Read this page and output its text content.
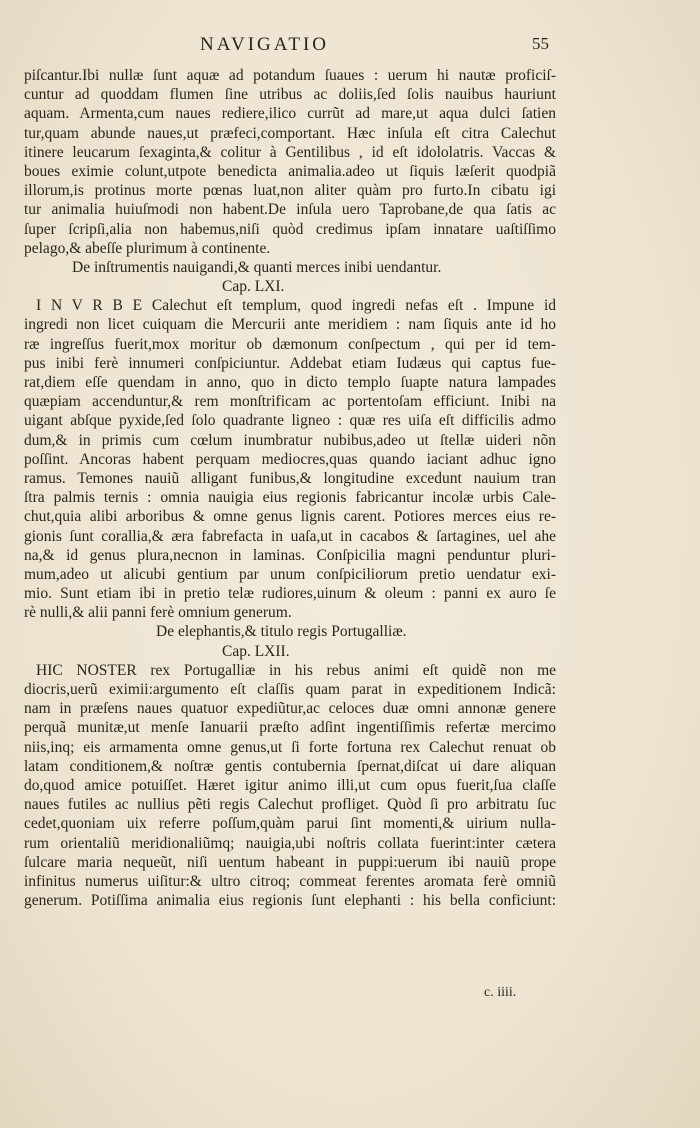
NAVIGATIO	55
piſcantur.Ibi nullæ ſunt aquæ ad potandum ſuaues : uerum hi nautæ proficiſ-
cuntur ad quoddam flumen ſine utribus ac doliis,ſed ſolis nauibus hauriunt
aquam. Armenta,cum naues rediere,ilico currũt ad mare,ut aqua dulci ſatien
tur,quam abunde naues,ut præfeci,comportant. Hæc inſula eſt citra Calechut
itinere leucarum ſexaginta,& colitur à Gentilibus , id eſt idololatris. Vaccas &
boues eximie colunt,utpote benedicta animalia.adeo ut ſiquis læſerit quodpiã
illorum,is protinus morte pœnas luat,non aliter quàm pro furto.In cibatu igi
tur animalia huiuſmodi non habent.De inſula uero Taprobane,de qua ſatis ac
ſuper ſcripſi,alia non habemus,niſi quòd credimus ipſam innatare uaſtiſſimo
pelago,& abeſſe plurimum à continente.
De inſtrumentis nauigandi,& quanti merces inibi uendantur.
Cap. LXI.
I N V R B E Calechut eſt templum, quod ingredi nefas eſt . Impune id
ingredi non licet cuiquam die Mercurii ante meridiem : nam ſiquis ante id ho
ræ ingreſſus fuerit,mox moritur ob dæmonum conſpectum , qui per id tem-
pus inibi ferè innumeri conſpiciuntur. Addebat etiam Iudæus qui captus fue-
rat,diem eſſe quendam in anno, quo in dicto templo ſuapte natura lampades
quæpiam accenduntur,& rem monſtrificam ac portentoſam efficiunt. Inibi na
uigant abſque pyxide,ſed ſolo quadrante ligneo : quæ res uiſa eſt difficilis admo
dum,& in primis cum cœlum inumbratur nubibus,adeo ut ſtellæ uideri nõn
poſſint. Ancoras habent perquam mediocres,quas quando iaciant adhuc igno
ramus. Temones nauiũ alligant funibus,& longitudine excedunt nauium tran
ſtra palmis ternis : omnia nauigia eius regionis fabricantur incolæ urbis Cale-
chut,quia alibi arboribus & omne genus lignis carent. Potiores merces eius re-
gionis ſunt corallia,& æra fabrefacta in uaſa,ut in cacabos & ſartagines, uel ahe
na,& id genus plura,necnon in laminas. Conſpicilia magni penduntur pluri-
mum,adeo ut alicubi gentium par unum conſpiciliorum pretio uendatur exi-
mio. Sunt etiam ibi in pretio telæ rudiores,uinum & oleum : panni ex auro ſe
rè nulli,& alii panni ferè omnium generum.
De elephantis,& titulo regis Portugalliæ.
Cap. LXII.
HIC NOSTER rex Portugalliæ in his rebus animi eſt quidẽ non me
diocris,uerũ eximii:argumento eſt claſſis quam parat in expeditionem Indicã:
nam in præſens naues quatuor expediũtur,ac celoces duæ omni annonæ genere
perquã munitæ,ut menſe Ianuarii præſto adſint ingentiſſimis refertæ mercimo
niis,inq; eis armamenta omne genus,ut ſi forte fortuna rex Calechut renuat ob
latam conditionem,& noſtræ gentis contubernia ſpernat,diſcat ui dare aliquan
do,quod amice potuiſſet. Hæret igitur animo illi,ut cum opus fuerit,ſua claſſe
naues futiles ac nullius pẽti regis Calechut profliget. Quòd ſi pro arbitratu ſuc
cedet,quoniam uix referre poſſum,quàm parui ſint momenti,& uirium nulla-
rum orientaliũ meridionaliũmq; nauigia,ubi noſtris collata fuerint:inter cætera
ſulcare maria nequeũt, niſi uentum habeant in puppi:uerum ibi nauiũ prope
infinitus numerus uiſitur:& ultro citroq; commeat ferentes aromata ferè omniũ
generum. Potiſſima animalia eius regionis ſunt elephanti : his bella conficiunt:
c. iiii.
